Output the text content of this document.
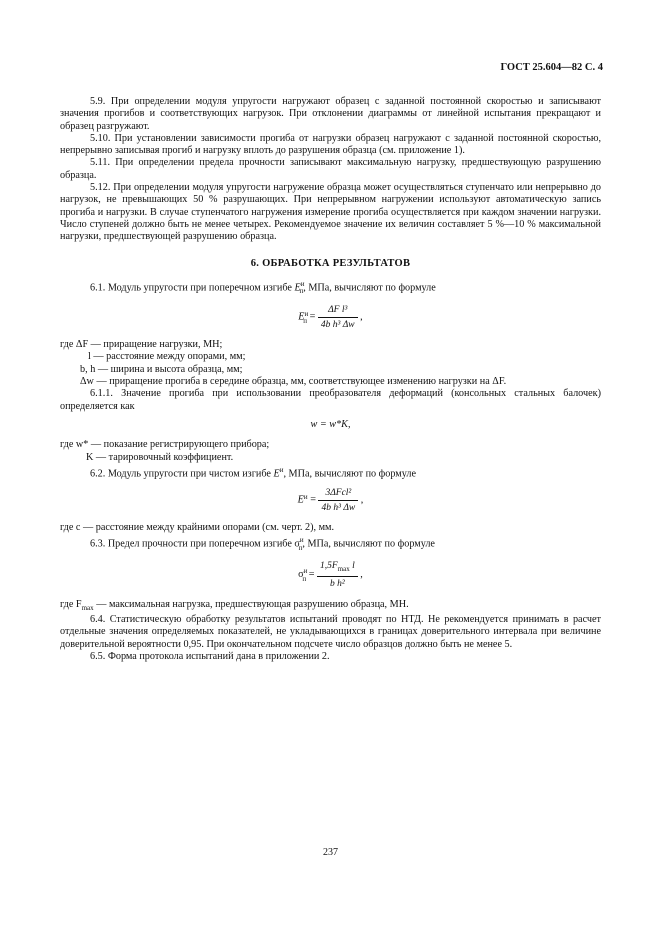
ГОСТ 25.604—82 С. 4

5.9. При определении модуля упругости нагружают образец с заданной постоянной скоростью и записывают значения прогибов и соответствующих нагрузок. При отклонении диаграммы от линейной испытания прекращают и образец разгружают.

5.10. При установлении зависимости прогиба от нагрузки образец нагружают с заданной постоянной скоростью, непрерывно записывая прогиб и нагрузку вплоть до разрушения образца (см. приложение 1).

5.11. При определении предела прочности записывают максимальную нагрузку, предшествующую разрушению образца.

5.12. При определении модуля упругости нагружение образца может осуществляться ступенчато или непрерывно до нагрузок, не превышающих 50 % разрушающих. При непрерывном нагружении используют автоматическую запись прогиба и нагрузки. В случае ступенчатого нагружения измерение прогиба осуществляется при каждом значении нагрузки. Число ступеней должно быть не менее четырех. Рекомендуемое значение их величин составляет 5 %—10 % максимальной нагрузки, предшествующей разрушению образца.

6. ОБРАБОТКА РЕЗУЛЬТАТОВ

6.1. Модуль упругости при поперечном изгибе $E^и_п$, МПа, вычисляют по формуле

$E^и_п = \frac{\text{ΔF l³}}{\text{4b h³ Δw}}$ ,

где ΔF — приращение нагрузки, МН;

l — расстояние между опорами, мм;

b, h — ширина и высота образца, мм;

Δw — приращение прогиба в середине образца, мм, соответствующее изменению нагрузки на ΔF.

6.1.1. Значение прогиба при использовании преобразователя деформаций (консольных стальных балочек) определяется как

w = w*K,

где w* — показание регистрирующего прибора;

K — тарировочный коэффициент.

6.2. Модуль упругости при чистом изгибе $E^и$, МПа, вычисляют по формуле

$E^и = \frac{\text{3ΔFcl²}}{\text{4b h³ Δw}}$ ,

где c — расстояние между крайними опорами (см. черт. 2), мм.

6.3. Предел прочности при поперечном изгибе $\sigma^и_п$, МПа, вычисляют по формуле

$\sigma^и_п = \frac{1,5F_{max} l}{\text{b h²}}$ ,

где $F_{max}$ — максимальная нагрузка, предшествующая разрушению образца, МН.

6.4. Статистическую обработку результатов испытаний проводят по НТД. Не рекомендуется принимать в расчет отдельные значения определяемых показателей, не укладывающихся в границах доверительного интервала при величине доверительной вероятности 0,95. При окончательном подсчете число образцов должно быть не менее 5.

6.5. Форма протокола испытаний дана в приложении 2.

237
